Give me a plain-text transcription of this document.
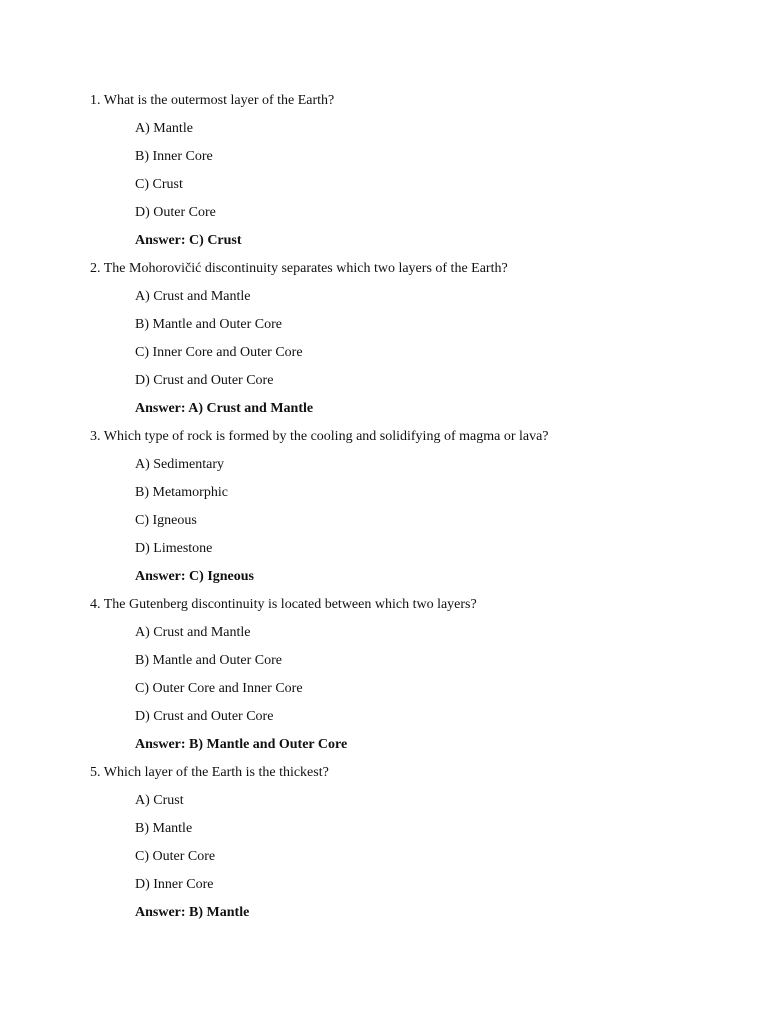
1. What is the outermost layer of the Earth?
A) Mantle
B) Inner Core
C) Crust
D) Outer Core
Answer: C) Crust
2. The Mohorovičić discontinuity separates which two layers of the Earth?
A) Crust and Mantle
B) Mantle and Outer Core
C) Inner Core and Outer Core
D) Crust and Outer Core
Answer: A) Crust and Mantle
3. Which type of rock is formed by the cooling and solidifying of magma or lava?
A) Sedimentary
B) Metamorphic
C) Igneous
D) Limestone
Answer: C) Igneous
4. The Gutenberg discontinuity is located between which two layers?
A) Crust and Mantle
B) Mantle and Outer Core
C) Outer Core and Inner Core
D) Crust and Outer Core
Answer: B) Mantle and Outer Core
5. Which layer of the Earth is the thickest?
A) Crust
B) Mantle
C) Outer Core
D) Inner Core
Answer: B) Mantle
